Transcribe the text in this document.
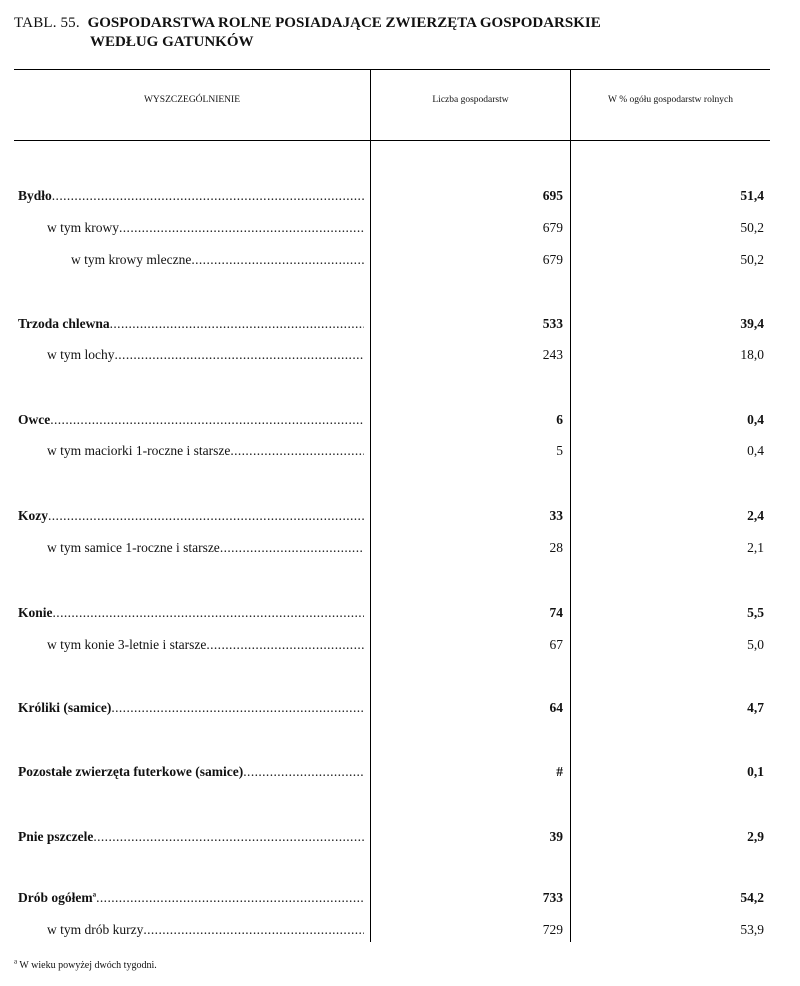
TABL. 55. GOSPODARSTWA ROLNE POSIADAJĄCE ZWIERZĘTA GOSPODARSKIE
WEDŁUG GATUNKÓW
WYSZCZEGÓLNIENIE	Liczba gospodarstw	W % ogółu gospodarstw rolnych
Bydło .....	695	51,4
w tym krowy .....	679	50,2
w tym krowy mleczne .....	679	50,2
Trzoda chlewna .....	533	39,4
w tym lochy .....	243	18,0
Owce .....	6	0,4
w tym maciorki 1-roczne i starsze .....	5	0,4
Kozy .....	33	2,4
w tym samice 1-roczne i starsze .....	28	2,1
Konie .....	74	5,5
w tym konie 3-letnie i starsze .....	67	5,0
Króliki (samice) .....	64	4,7
Pozostałe zwierzęta futerkowe (samice) .....	#	0,1
Pnie pszczele .....	39	2,9
Drób ogółem$^a$ .....	733	54,2
w tym drób kurzy .....	729	53,9
$^a$ W wieku powyżej dwóch tygodni.
